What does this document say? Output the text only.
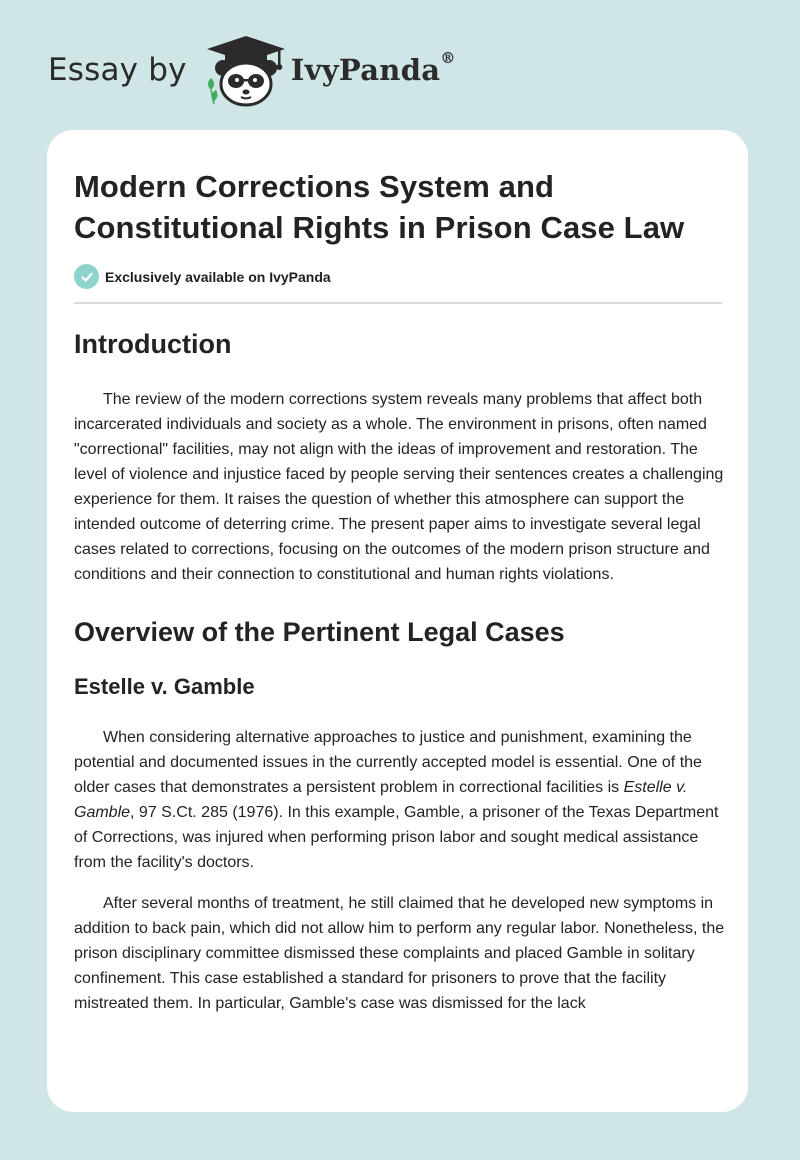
Essay by	IvyPanda®
Modern Corrections System and Constitutional Rights in Prison Case Law
Exclusively available on IvyPanda
Introduction

The review of the modern corrections system reveals many problems that affect both incarcerated individuals and society as a whole. The environment in prisons, often named "correctional" facilities, may not align with the ideas of improvement and restoration. The level of violence and injustice faced by people serving their sentences creates a challenging experience for them. It raises the question of whether this atmosphere can support the intended outcome of deterring crime. The present paper aims to investigate several legal cases related to corrections, focusing on the outcomes of the modern prison structure and conditions and their connection to constitutional and human rights violations.

Overview of the Pertinent Legal Cases
Estelle v. Gamble

When considering alternative approaches to justice and punishment, examining the potential and documented issues in the currently accepted model is essential. One of the older cases that demonstrates a persistent problem in correctional facilities is Estelle v. Gamble, 97 S.Ct. 285 (1976). In this example, Gamble, a prisoner of the Texas Department of Corrections, was injured when performing prison labor and sought medical assistance from the facility's doctors.

After several months of treatment, he still claimed that he developed new symptoms in addition to back pain, which did not allow him to perform any regular labor. Nonetheless, the prison disciplinary committee dismissed these complaints and placed Gamble in solitary confinement. This case established a standard for prisoners to prove that the facility mistreated them. In particular, Gamble's case was dismissed for the lack
